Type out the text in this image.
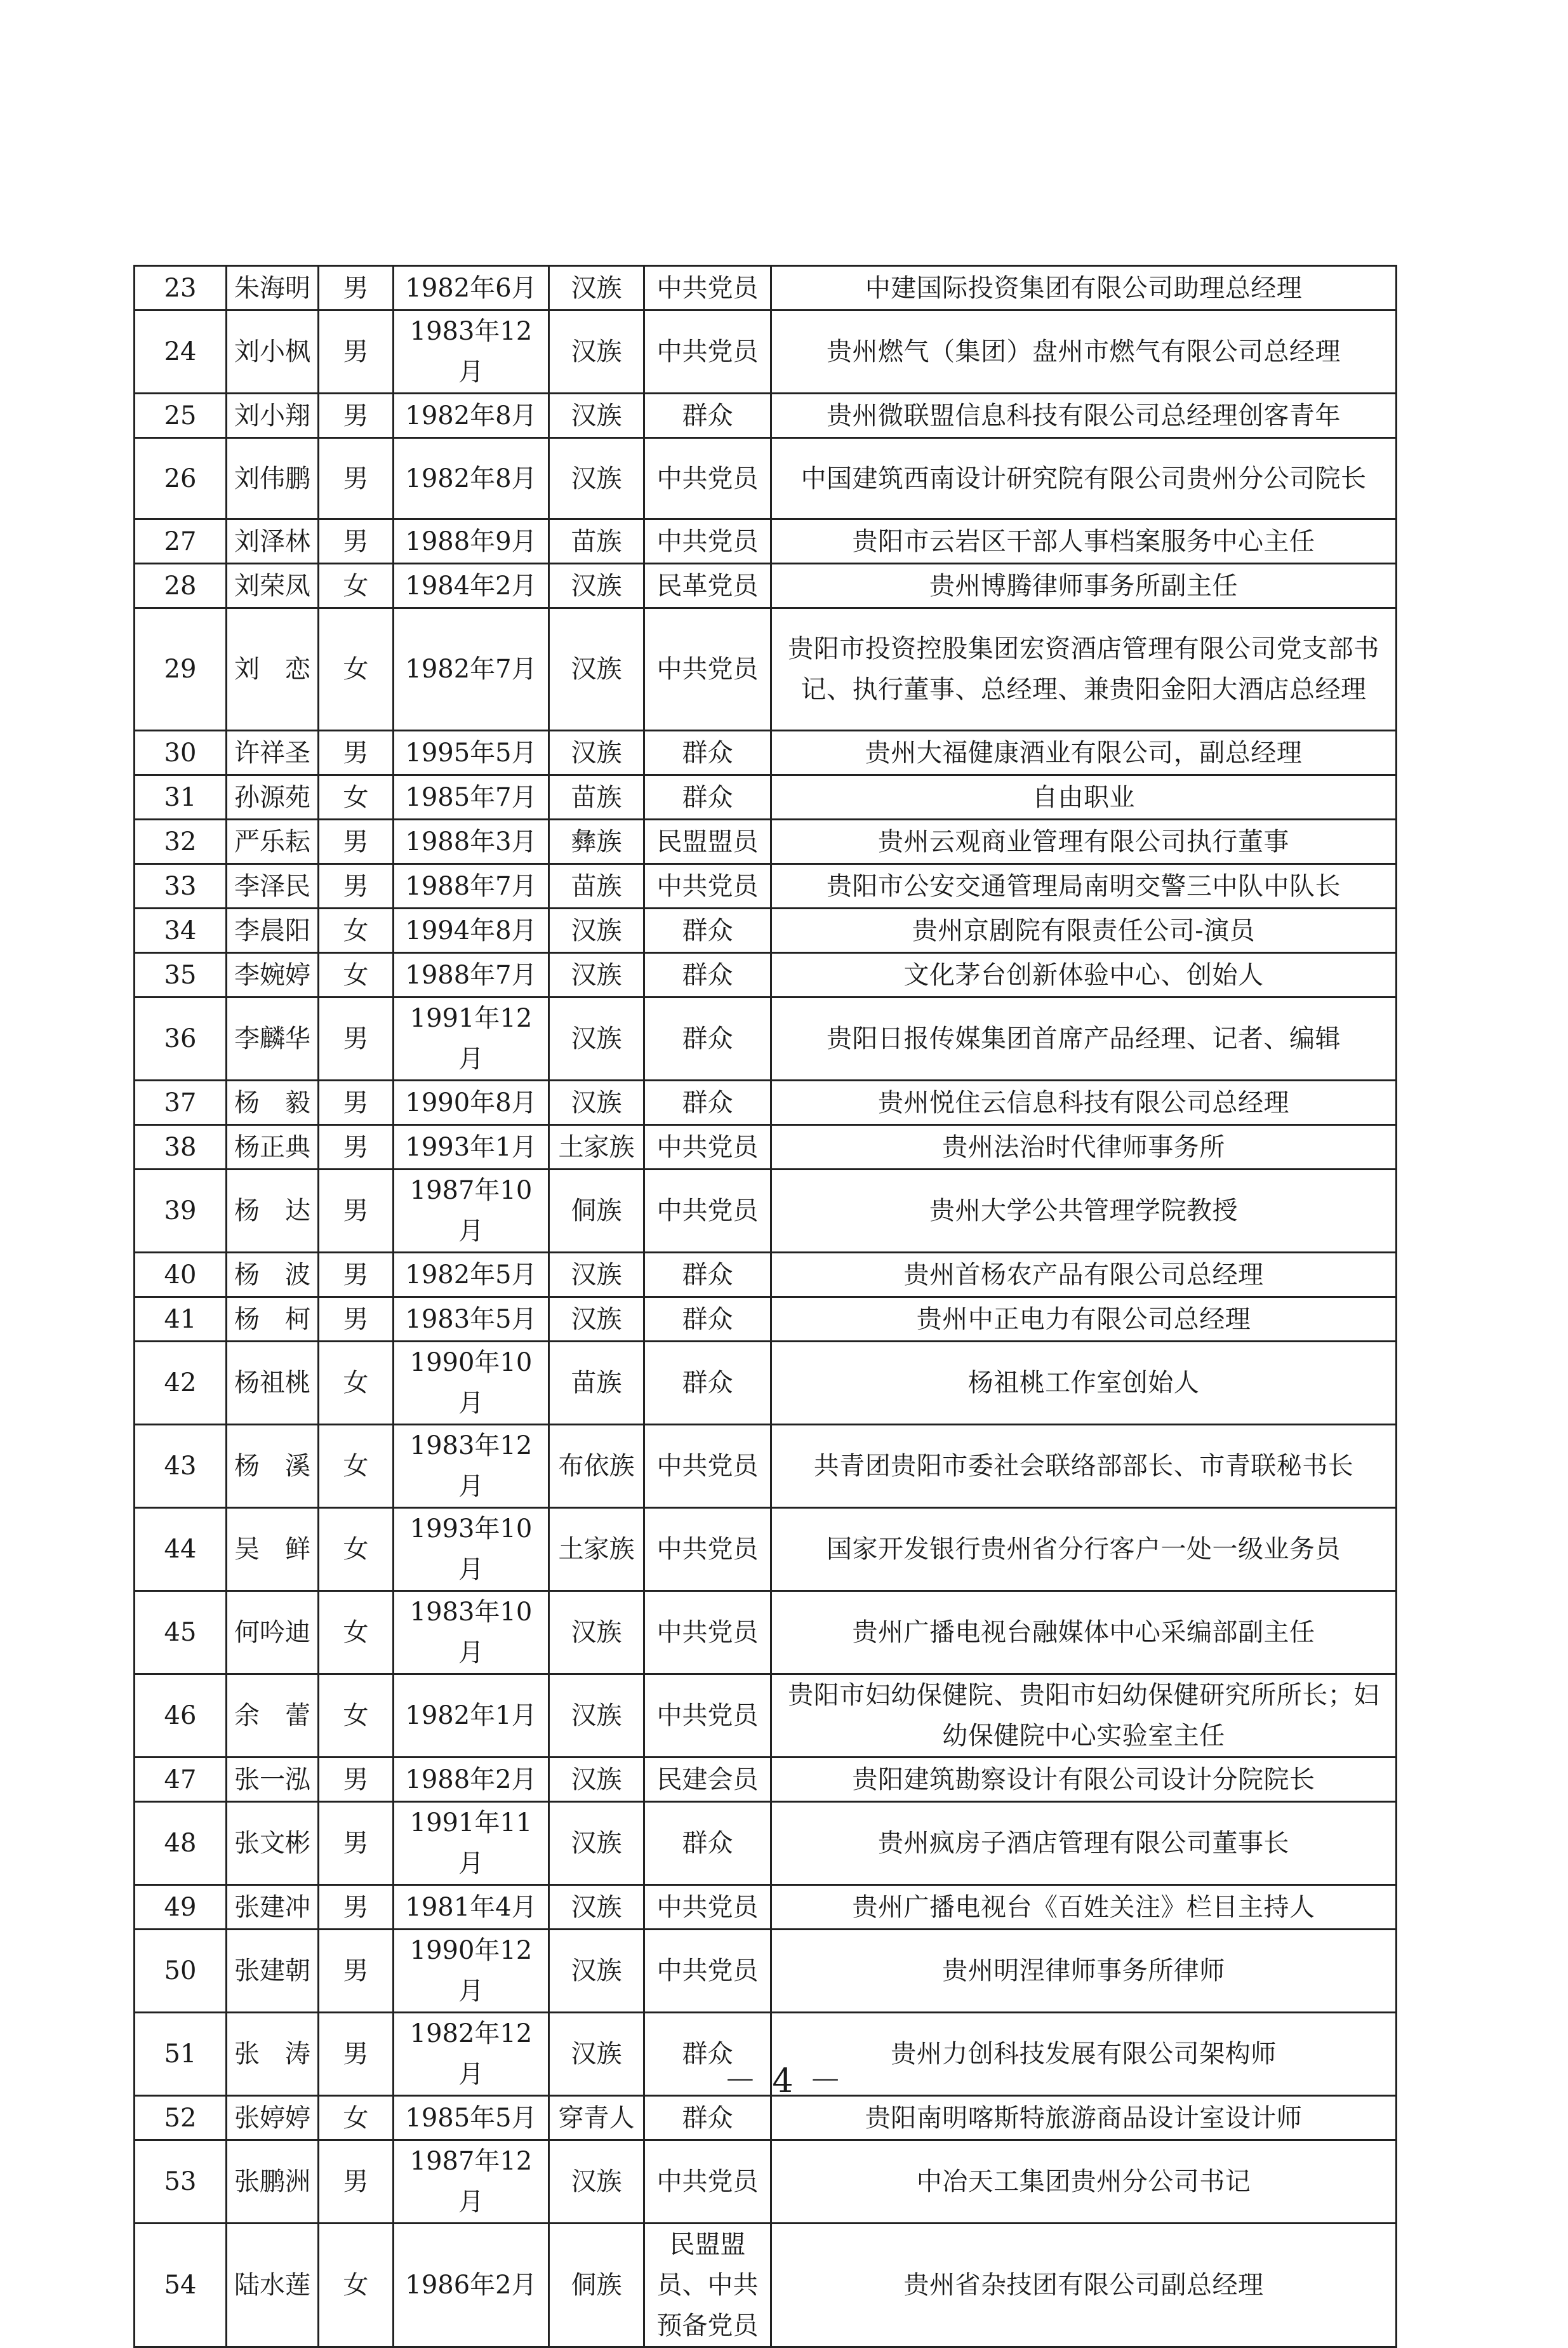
23	朱海明	男	1982年6月	汉族	中共党员	中建国际投资集团有限公司助理总经理
24	刘小枫	男	1983年12月	汉族	中共党员	贵州燃气（集团）盘州市燃气有限公司总经理
25	刘小翔	男	1982年8月	汉族	群众	贵州微联盟信息科技有限公司总经理创客青年
26	刘伟鹏	男	1982年8月	汉族	中共党员	中国建筑西南设计研究院有限公司贵州分公司院长
27	刘泽林	男	1988年9月	苗族	中共党员	贵阳市云岩区干部人事档案服务中心主任
28	刘荣凤	女	1984年2月	汉族	民革党员	贵州博腾律师事务所副主任
29	刘　恋	女	1982年7月	汉族	中共党员	贵阳市投资控股集团宏资酒店管理有限公司党支部书记、执行董事、总经理、兼贵阳金阳大酒店总经理
30	许祥圣	男	1995年5月	汉族	群众	贵州大福健康酒业有限公司，副总经理
31	孙源苑	女	1985年7月	苗族	群众	自由职业
32	严乐耘	男	1988年3月	彝族	民盟盟员	贵州云观商业管理有限公司执行董事
33	李泽民	男	1988年7月	苗族	中共党员	贵阳市公安交通管理局南明交警三中队中队长
34	李晨阳	女	1994年8月	汉族	群众	贵州京剧院有限责任公司-演员
35	李婉婷	女	1988年7月	汉族	群众	文化茅台创新体验中心、创始人
36	李麟华	男	1991年12月	汉族	群众	贵阳日报传媒集团首席产品经理、记者、编辑
37	杨　毅	男	1990年8月	汉族	群众	贵州悦住云信息科技有限公司总经理
38	杨正典	男	1993年1月	土家族	中共党员	贵州法治时代律师事务所
39	杨　达	男	1987年10月	侗族	中共党员	贵州大学公共管理学院教授
40	杨　波	男	1982年5月	汉族	群众	贵州首杨农产品有限公司总经理
41	杨　柯	男	1983年5月	汉族	群众	贵州中正电力有限公司总经理
42	杨祖桃	女	1990年10月	苗族	群众	杨祖桃工作室创始人
43	杨　溪	女	1983年12月	布依族	中共党员	共青团贵阳市委社会联络部部长、市青联秘书长
44	吴　鲜	女	1993年10月	土家族	中共党员	国家开发银行贵州省分行客户一处一级业务员
45	何吟迪	女	1983年10月	汉族	中共党员	贵州广播电视台融媒体中心采编部副主任
46	余　蕾	女	1982年1月	汉族	中共党员	贵阳市妇幼保健院、贵阳市妇幼保健研究所所长；妇幼保健院中心实验室主任
47	张一泓	男	1988年2月	汉族	民建会员	贵阳建筑勘察设计有限公司设计分院院长
48	张文彬	男	1991年11月	汉族	群众	贵州疯房子酒店管理有限公司董事长
49	张建冲	男	1981年4月	汉族	中共党员	贵州广播电视台《百姓关注》栏目主持人
50	张建朝	男	1990年12月	汉族	中共党员	贵州明涅律师事务所律师
51	张　涛	男	1982年12月	汉族	群众	贵州力创科技发展有限公司架构师
52	张婷婷	女	1985年5月	穿青人	群众	贵阳南明喀斯特旅游商品设计室设计师
53	张鹏洲	男	1987年12月	汉族	中共党员	中冶天工集团贵州分公司书记
54	陆水莲	女	1986年2月	侗族	民盟盟员、中共预备党员	贵州省杂技团有限公司副总经理
－ 4 －
